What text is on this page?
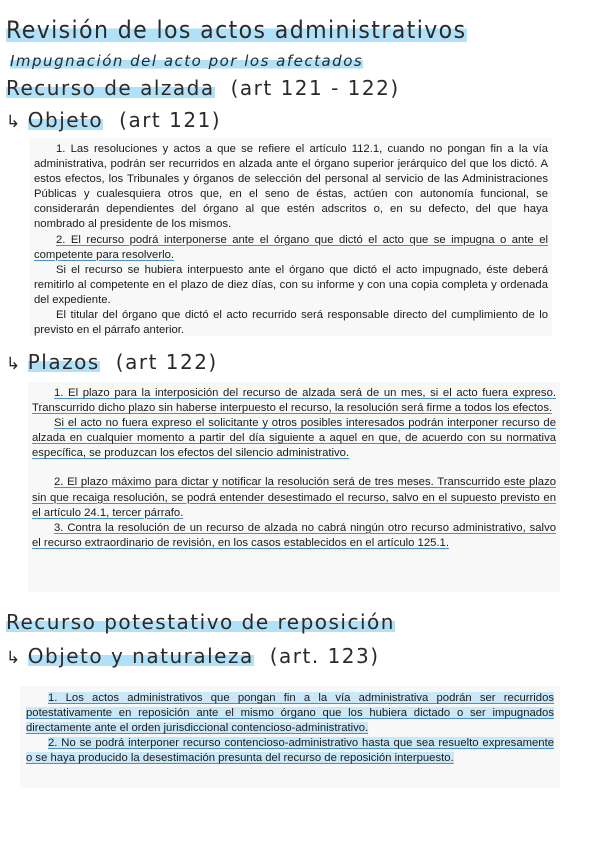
Revisión de los actos administrativos
Impugnación del acto por los afectados
Recurso de alzada (art 121 - 122)
↳ Objeto (art 121)

1. Las resoluciones y actos a que se refiere el artículo 112.1, cuando no pongan fin a la vía administrativa, podrán ser recurridos en alzada ante el órgano superior jerárquico del que los dictó. A estos efectos, los Tribunales y órganos de selección del personal al servicio de las Administraciones Públicas y cualesquiera otros que, en el seno de éstas, actúen con autonomía funcional, se considerarán dependientes del órgano al que estén adscritos o, en su defecto, del que haya nombrado al presidente de los mismos.

2. El recurso podrá interponerse ante el órgano que dictó el acto que se impugna o ante el competente para resolverlo.

Si el recurso se hubiera interpuesto ante el órgano que dictó el acto impugnado, éste deberá remitirlo al competente en el plazo de diez días, con su informe y con una copia completa y ordenada del expediente.

El titular del órgano que dictó el acto recurrido será responsable directo del cumplimiento de lo previsto en el párrafo anterior.

↳ Plazos (art 122)

1. El plazo para la interposición del recurso de alzada será de un mes, si el acto fuera expreso. Transcurrido dicho plazo sin haberse interpuesto el recurso, la resolución será firme a todos los efectos.

Si el acto no fuera expreso el solicitante y otros posibles interesados podrán interponer recurso de alzada en cualquier momento a partir del día siguiente a aquel en que, de acuerdo con su normativa específica, se produzcan los efectos del silencio administrativo.

2. El plazo máximo para dictar y notificar la resolución será de tres meses. Transcurrido este plazo sin que recaiga resolución, se podrá entender desestimado el recurso, salvo en el supuesto previsto en el artículo 24.1, tercer párrafo.

3. Contra la resolución de un recurso de alzada no cabrá ningún otro recurso administrativo, salvo el recurso extraordinario de revisión, en los casos establecidos en el artículo 125.1.

Recurso potestativo de reposición
↳ Objeto y naturaleza (art. 123)

1. Los actos administrativos que pongan fin a la vía administrativa podrán ser recurridos potestativamente en reposición ante el mismo órgano que los hubiera dictado o ser impugnados directamente ante el orden jurisdiccional contencioso-administrativo.

2. No se podrá interponer recurso contencioso-administrativo hasta que sea resuelto expresamente o se haya producido la desestimación presunta del recurso de reposición interpuesto.
